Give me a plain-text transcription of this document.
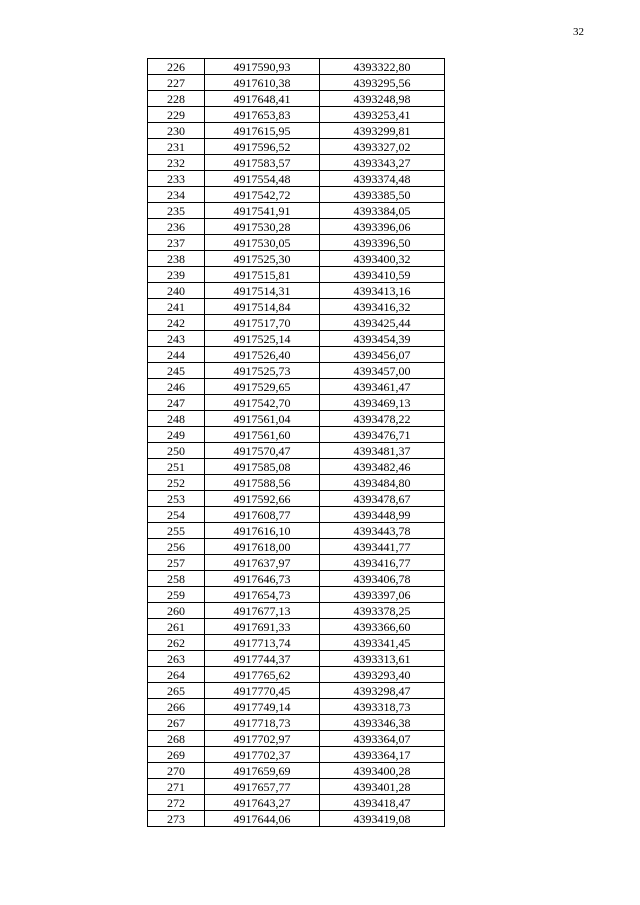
32
226	4917590,93	4393322,80
227	4917610,38	4393295,56
228	4917648,41	4393248,98
229	4917653,83	4393253,41
230	4917615,95	4393299,81
231	4917596,52	4393327,02
232	4917583,57	4393343,27
233	4917554,48	4393374,48
234	4917542,72	4393385,50
235	4917541,91	4393384,05
236	4917530,28	4393396,06
237	4917530,05	4393396,50
238	4917525,30	4393400,32
239	4917515,81	4393410,59
240	4917514,31	4393413,16
241	4917514,84	4393416,32
242	4917517,70	4393425,44
243	4917525,14	4393454,39
244	4917526,40	4393456,07
245	4917525,73	4393457,00
246	4917529,65	4393461,47
247	4917542,70	4393469,13
248	4917561,04	4393478,22
249	4917561,60	4393476,71
250	4917570,47	4393481,37
251	4917585,08	4393482,46
252	4917588,56	4393484,80
253	4917592,66	4393478,67
254	4917608,77	4393448,99
255	4917616,10	4393443,78
256	4917618,00	4393441,77
257	4917637,97	4393416,77
258	4917646,73	4393406,78
259	4917654,73	4393397,06
260	4917677,13	4393378,25
261	4917691,33	4393366,60
262	4917713,74	4393341,45
263	4917744,37	4393313,61
264	4917765,62	4393293,40
265	4917770,45	4393298,47
266	4917749,14	4393318,73
267	4917718,73	4393346,38
268	4917702,97	4393364,07
269	4917702,37	4393364,17
270	4917659,69	4393400,28
271	4917657,77	4393401,28
272	4917643,27	4393418,47
273	4917644,06	4393419,08
